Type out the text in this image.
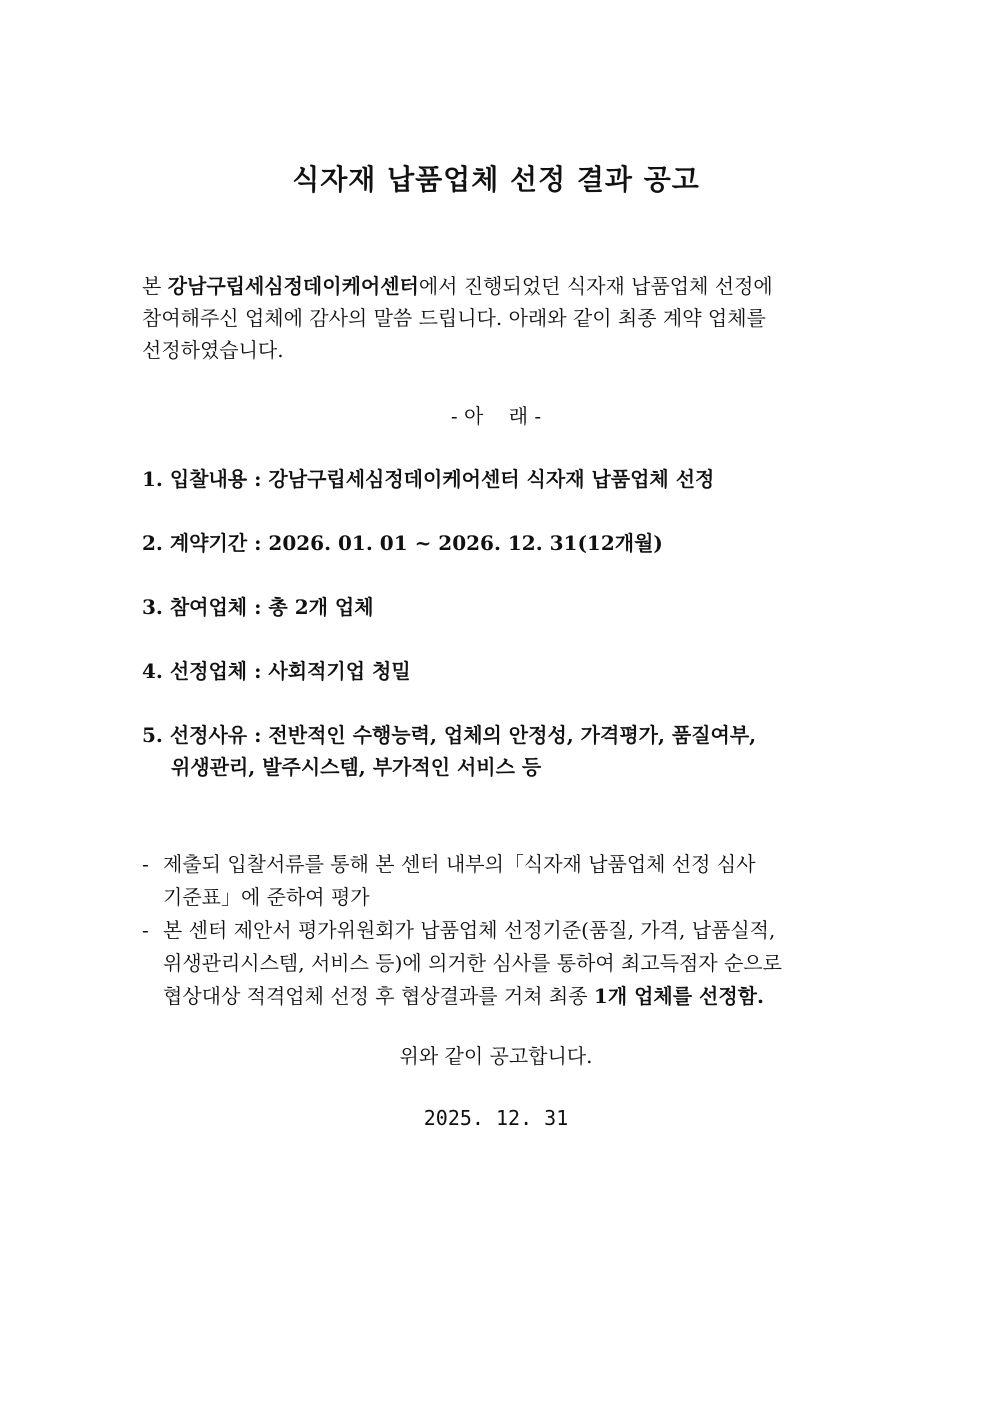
식자재 납품업체 선정 결과 공고

본 강남구립세심정데이케어센터에서 진행되었던 식자재 납품업체 선정에
참여해주신 업체에 감사의 말씀 드립니다. 아래와 같이 최종 계약 업체를
선정하였습니다.

- 아    래 -
1. 입찰내용 : 강남구립세심정데이케어센터 식자재 납품업체 선정
2. 계약기간 : 2026. 01. 01 ~ 2026. 12. 31(12개월)
3. 참여업체 : 총 2개 업체
4. 선정업체 : 사회적기업 청밀
5. 선정사유 : 전반적인 수행능력, 업체의 안정성, 가격평가, 품질여부,
위생관리, 발주시스템, 부가적인 서비스 등
- 제출되 입찰서류를 통해 본 센터 내부의「식자재 납품업체 선정 심사
기준표」에 준하여 평가
- 본 센터 제안서 평가위원회가 납품업체 선정기준(품질, 가격, 납품실적,
위생관리시스템, 서비스 등)에 의거한 심사를 통하여 최고득점자 순으로
협상대상 적격업체 선정 후 협상결과를 거쳐 최종 1개 업체를 선정함.
위와 같이 공고합니다.
2025. 12. 31
